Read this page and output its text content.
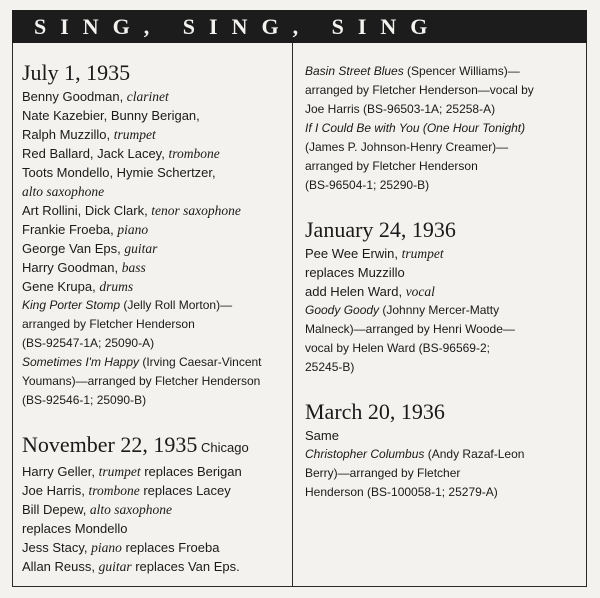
SING, SING, SING
July 1, 1935
Benny Goodman, clarinet
Nate Kazebier, Bunny Berigan,
Ralph Muzzillo, trumpet
Red Ballard, Jack Lacey, trombone
Toots Mondello, Hymie Schertzer,
alto saxophone
Art Rollini, Dick Clark, tenor saxophone
Frankie Froeba, piano
George Van Eps, guitar
Harry Goodman, bass
Gene Krupa, drums
King Porter Stomp (Jelly Roll Morton)—
arranged by Fletcher Henderson
(BS-92547-1A; 25090-A)
Sometimes I'm Happy (Irving Caesar-Vincent
Youmans)—arranged by Fletcher Henderson
(BS-92546-1; 25090-B)
November 22, 1935 Chicago
Harry Geller, trumpet replaces Berigan
Joe Harris, trombone replaces Lacey
Bill Depew, alto saxophone
replaces Mondello
Jess Stacy, piano replaces Froeba
Allan Reuss, guitar replaces Van Eps.
Basin Street Blues (Spencer Williams)—
arranged by Fletcher Henderson—vocal by
Joe Harris (BS-96503-1A; 25258-A)
If I Could Be with You (One Hour Tonight)
(James P. Johnson-Henry Creamer)—
arranged by Fletcher Henderson
(BS-96504-1; 25290-B)
January 24, 1936
Pee Wee Erwin, trumpet
replaces Muzzillo
add Helen Ward, vocal
Goody Goody (Johnny Mercer-Matty
Malneck)—arranged by Henri Woode—
vocal by Helen Ward (BS-96569-2;
25245-B)
March 20, 1936
Same
Christopher Columbus (Andy Razaf-Leon
Berry)—arranged by Fletcher
Henderson (BS-100058-1; 25279-A)
